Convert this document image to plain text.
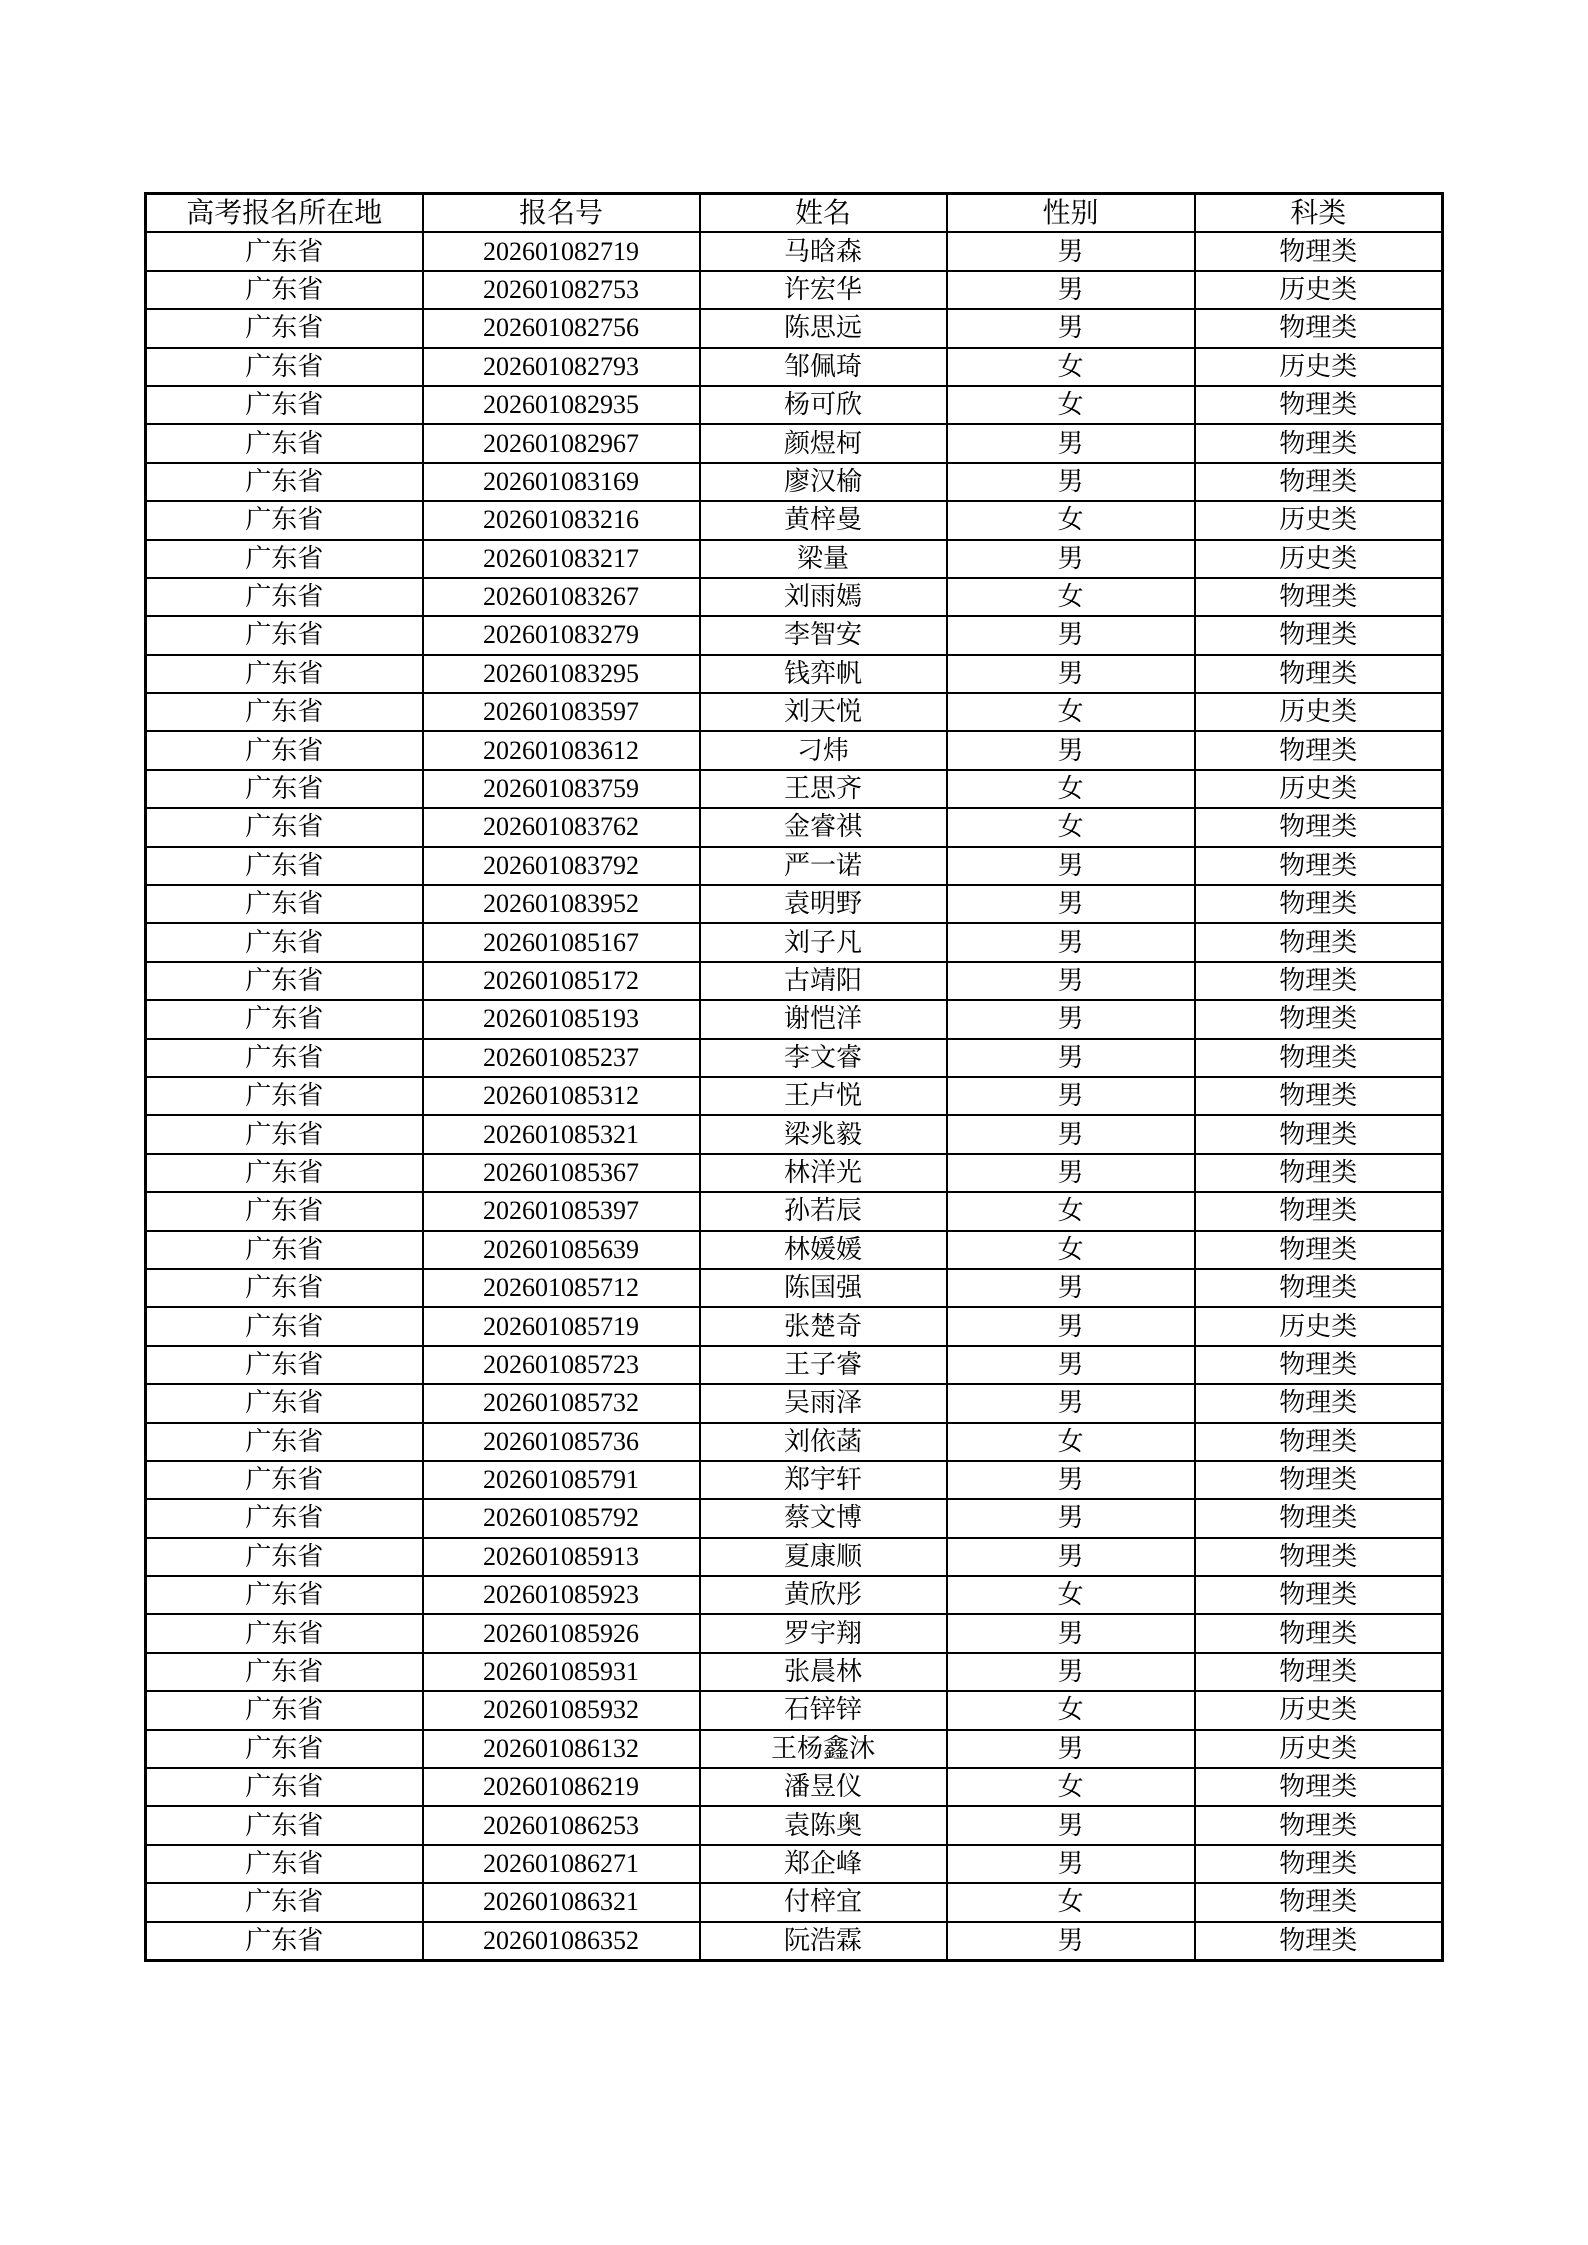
高考报名所在地	报名号	姓名	性别	科类
广东省	202601082719	马晗森	男	物理类
广东省	202601082753	许宏华	男	历史类
广东省	202601082756	陈思远	男	物理类
广东省	202601082793	邹佩琦	女	历史类
广东省	202601082935	杨可欣	女	物理类
广东省	202601082967	颜煜柯	男	物理类
广东省	202601083169	廖汉榆	男	物理类
广东省	202601083216	黄梓曼	女	历史类
广东省	202601083217	梁量	男	历史类
广东省	202601083267	刘雨嫣	女	物理类
广东省	202601083279	李智安	男	物理类
广东省	202601083295	钱弈帆	男	物理类
广东省	202601083597	刘天悦	女	历史类
广东省	202601083612	刁炜	男	物理类
广东省	202601083759	王思齐	女	历史类
广东省	202601083762	金睿祺	女	物理类
广东省	202601083792	严一诺	男	物理类
广东省	202601083952	袁明野	男	物理类
广东省	202601085167	刘子凡	男	物理类
广东省	202601085172	古靖阳	男	物理类
广东省	202601085193	谢恺洋	男	物理类
广东省	202601085237	李文睿	男	物理类
广东省	202601085312	王卢悦	男	物理类
广东省	202601085321	梁兆毅	男	物理类
广东省	202601085367	林洋光	男	物理类
广东省	202601085397	孙若辰	女	物理类
广东省	202601085639	林媛媛	女	物理类
广东省	202601085712	陈国强	男	物理类
广东省	202601085719	张楚奇	男	历史类
广东省	202601085723	王子睿	男	物理类
广东省	202601085732	吴雨泽	男	物理类
广东省	202601085736	刘依菡	女	物理类
广东省	202601085791	郑宇轩	男	物理类
广东省	202601085792	蔡文博	男	物理类
广东省	202601085913	夏康顺	男	物理类
广东省	202601085923	黄欣彤	女	物理类
广东省	202601085926	罗宇翔	男	物理类
广东省	202601085931	张晨林	男	物理类
广东省	202601085932	石锌锌	女	历史类
广东省	202601086132	王杨鑫沐	男	历史类
广东省	202601086219	潘昱仪	女	物理类
广东省	202601086253	袁陈奥	男	物理类
广东省	202601086271	郑企峰	男	物理类
广东省	202601086321	付梓宜	女	物理类
广东省	202601086352	阮浩霖	男	物理类
